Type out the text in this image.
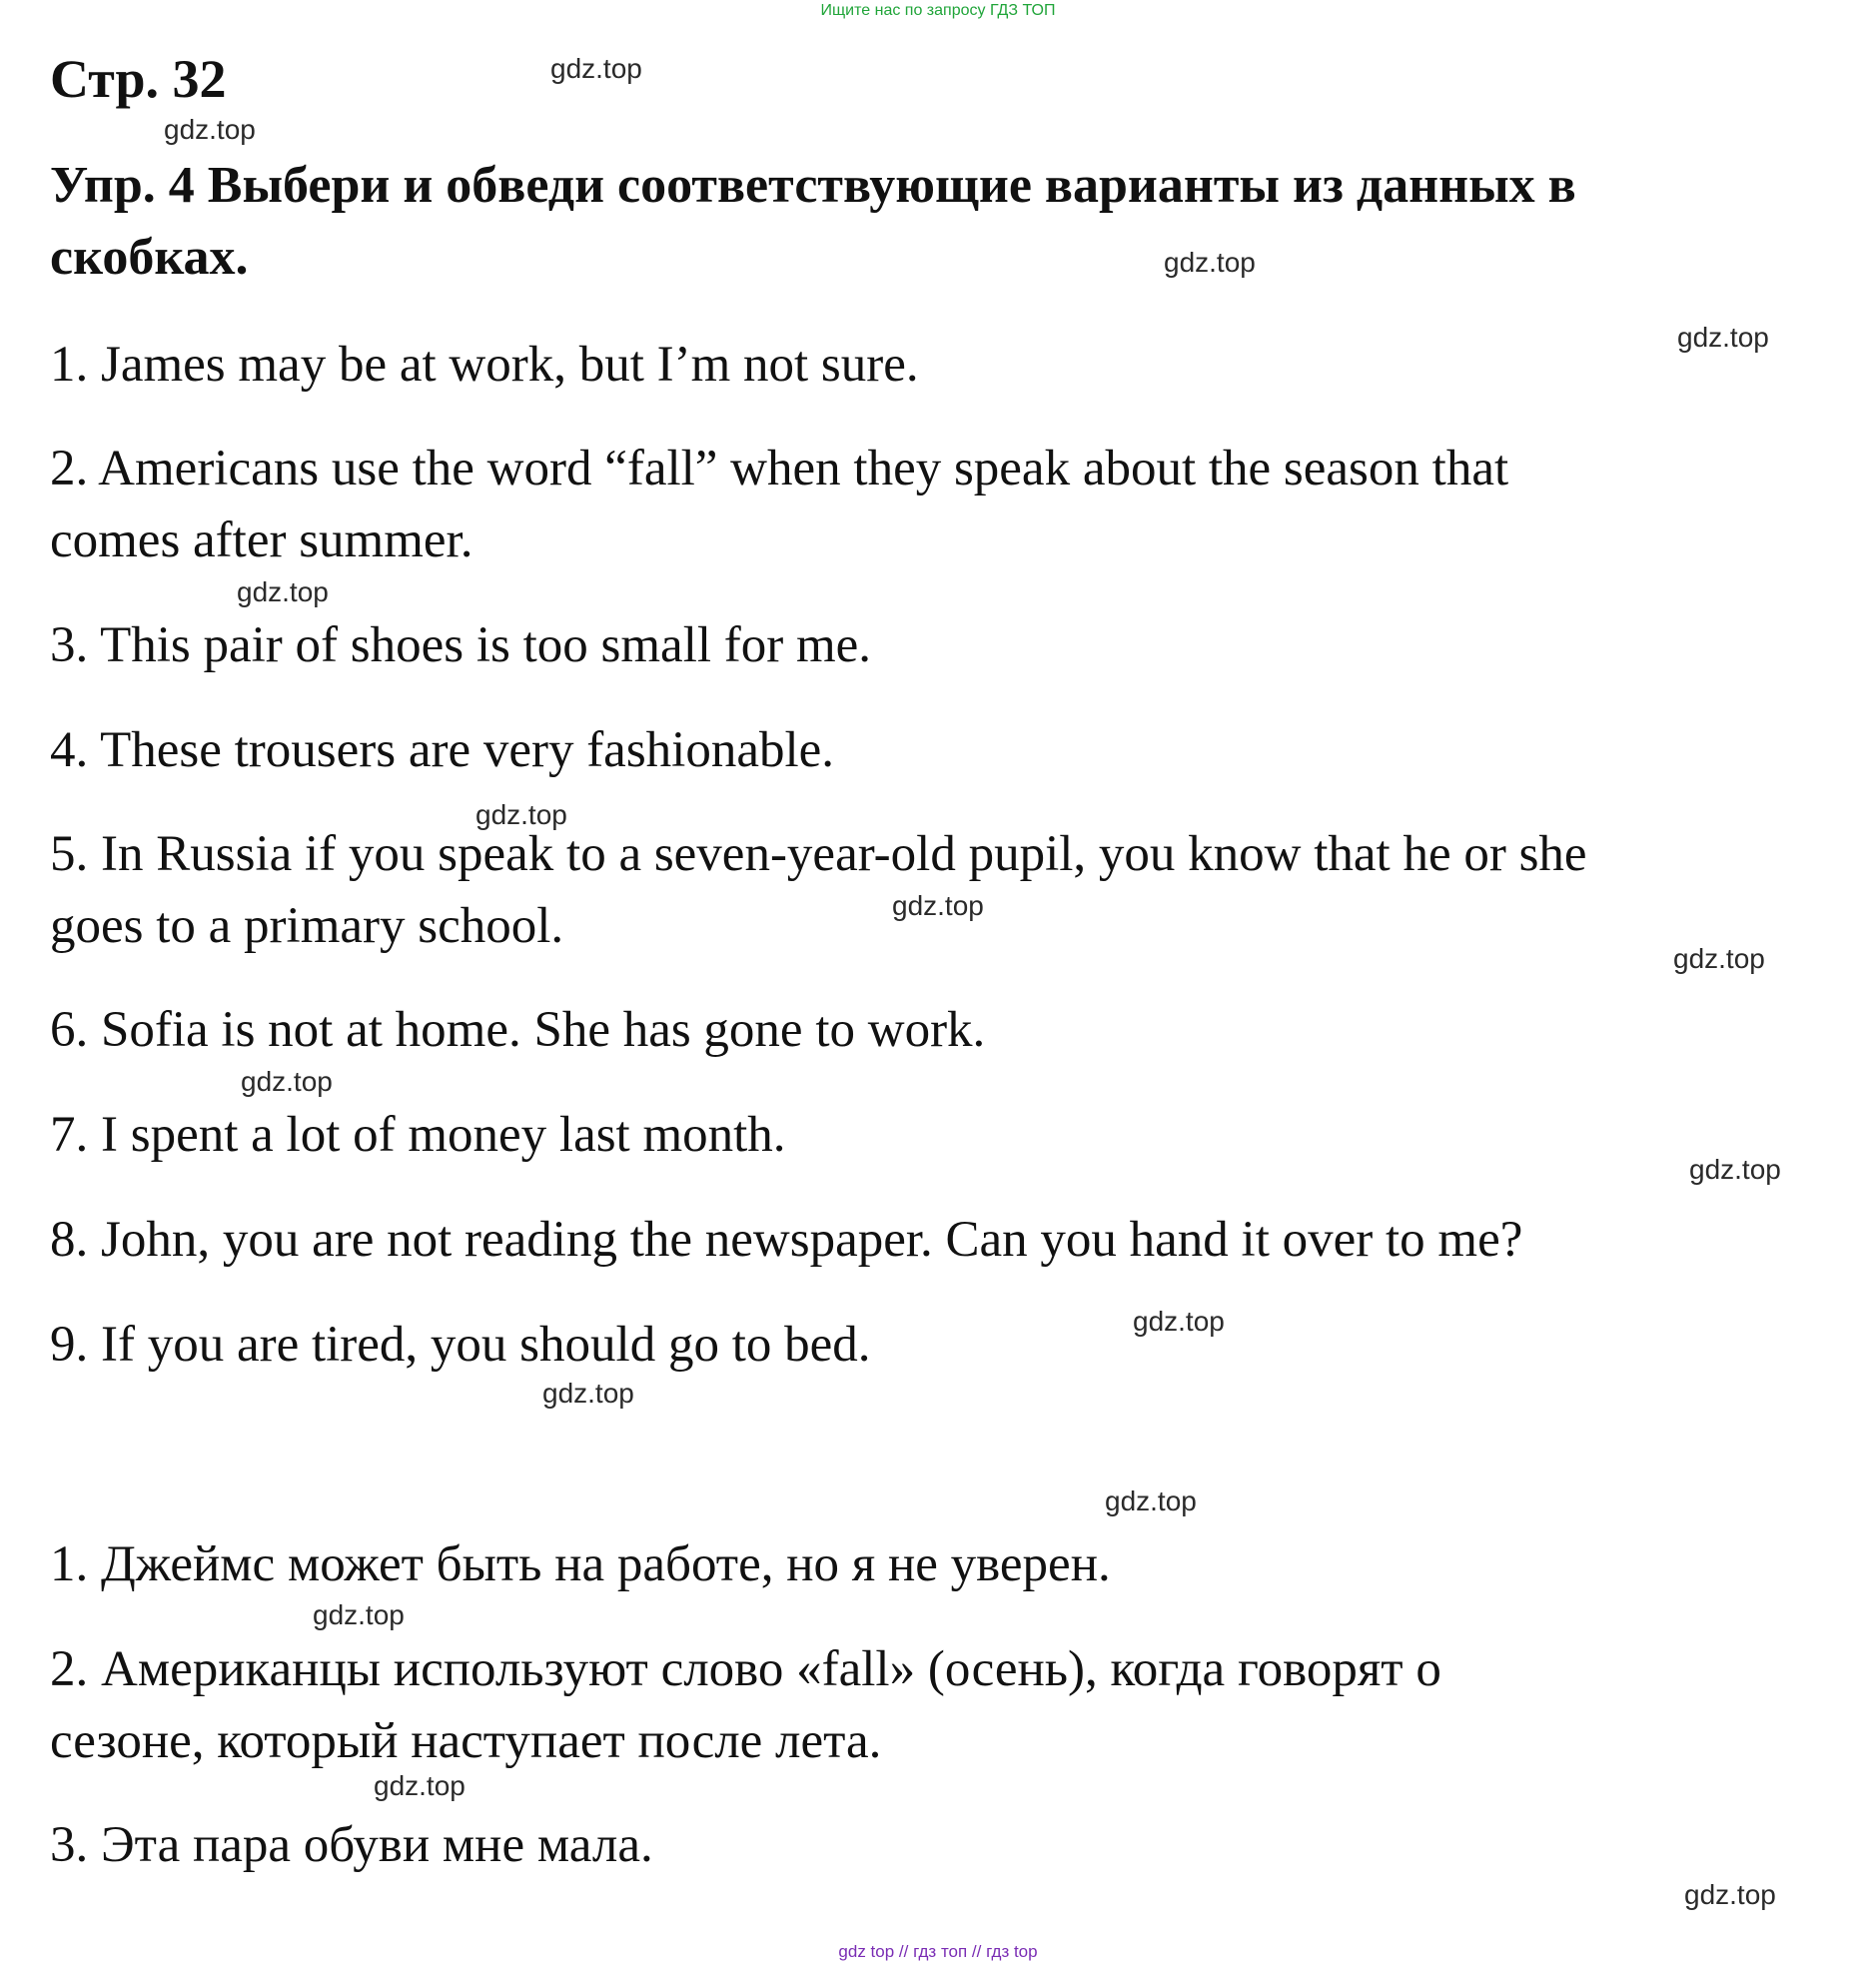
Ищите нас по запросу ГДЗ ТОП
Стр. 32
Упр. 4 Выбери и обведи соответствующие варианты из данных в
скобках.
1. James may be at work, but I’m not sure.
2. Americans use the word “fall” when they speak about the season that
comes after summer.
3. This pair of shoes is too small for me.
4. These trousers are very fashionable.
5. In Russia if you speak to a seven-year-old pupil, you know that he or she
goes to a primary school.
6. Sofia is not at home. She has gone to work.
7. I spent a lot of money last month.
8. John, you are not reading the newspaper. Can you hand it over to me?
9. If you are tired, you should go to bed.
1. Джеймс может быть на работе, но я не уверен.
2. Американцы используют слово «fall» (осень), когда говорят о
сезоне, который наступает после лета.
3. Эта пара обуви мне мала.
gdz.top
gdz.top
gdz.top
gdz.top
gdz.top
gdz.top
gdz.top
gdz.top
gdz.top
gdz.top
gdz.top
gdz.top
gdz.top
gdz.top
gdz.top
gdz.top
gdz top // гдз топ // гдз top
